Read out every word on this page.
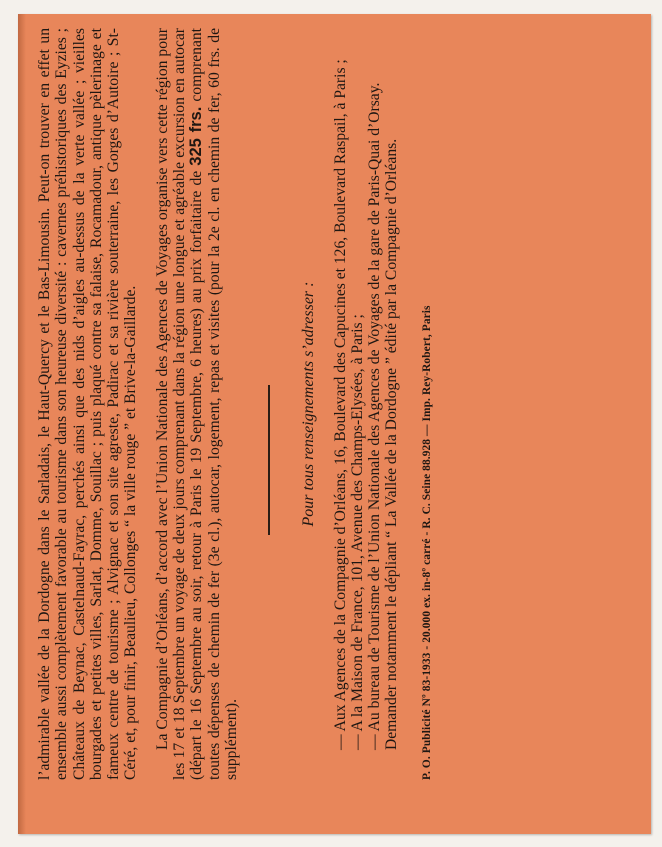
l’admirable vallée de la Dordogne dans le Sarladais, le Haut-Quercy et le Bas-Limousin. Peut-on trouver en effet un ensemble aussi complètement favorable au tourisme dans son heureuse diversité : cavernes préhistoriques des Eyzies ; Châteaux de Beynac, Castelnaud-Fayrac, perchés ainsi que des nids d’aigles au-dessus de la verte vallée ; vieilles bourgades et petites villes, Sarlat, Domme, Souillac ; puis plaqué contre sa falaise, Rocamadour, antique pèlerinage et fameux centre de tourisme ; Alvignac et son site agreste, Padirac et sa rivière souterraine, les Gorges d’Autoire ; St-Céré, et, pour finir, Beaulieu, Collonges “ la ville rouge ” et Brive-la-Gaillarde. La Compagnie d’Orléans, d’accord avec l’Union Nationale des Agences de Voyages organise vers cette région pour les 17 et 18 Septembre un voyage de deux jours comprenant dans la région une longue et agréable excursion en autocar (départ le 16 Septembre au soir, retour à Paris le 19 Septembre, 6 heures) au prix forfaitaire de 325 frs. comprenant toutes dépenses de chemin de fer (3e cl.), autocar, logement, repas et visites (pour la 2e cl. en chemin de fer, 60 frs. de supplément).

Pour tous renseignements s’adresser : — Aux Agences de la Compagnie d’Orléans, 16, Boulevard des Capucines et 126, Boulevard Raspail, à Paris ; — A la Maison de France, 101, Avenue des Champs-Elysées, à Paris ; — Au bureau de Tourisme de l’Union Nationale des Agences de Voyages de la gare de Paris-Quai d’Orsay. Demander notamment le dépliant “ La Vallée de la Dordogne ” édité par la Compagnie d’Orléans. P. O. Publicité Nº 83-1933 - 20.000 ex. in-8º carré - R. C. Seine 88.928 — Imp. Rey-Robert, Paris
